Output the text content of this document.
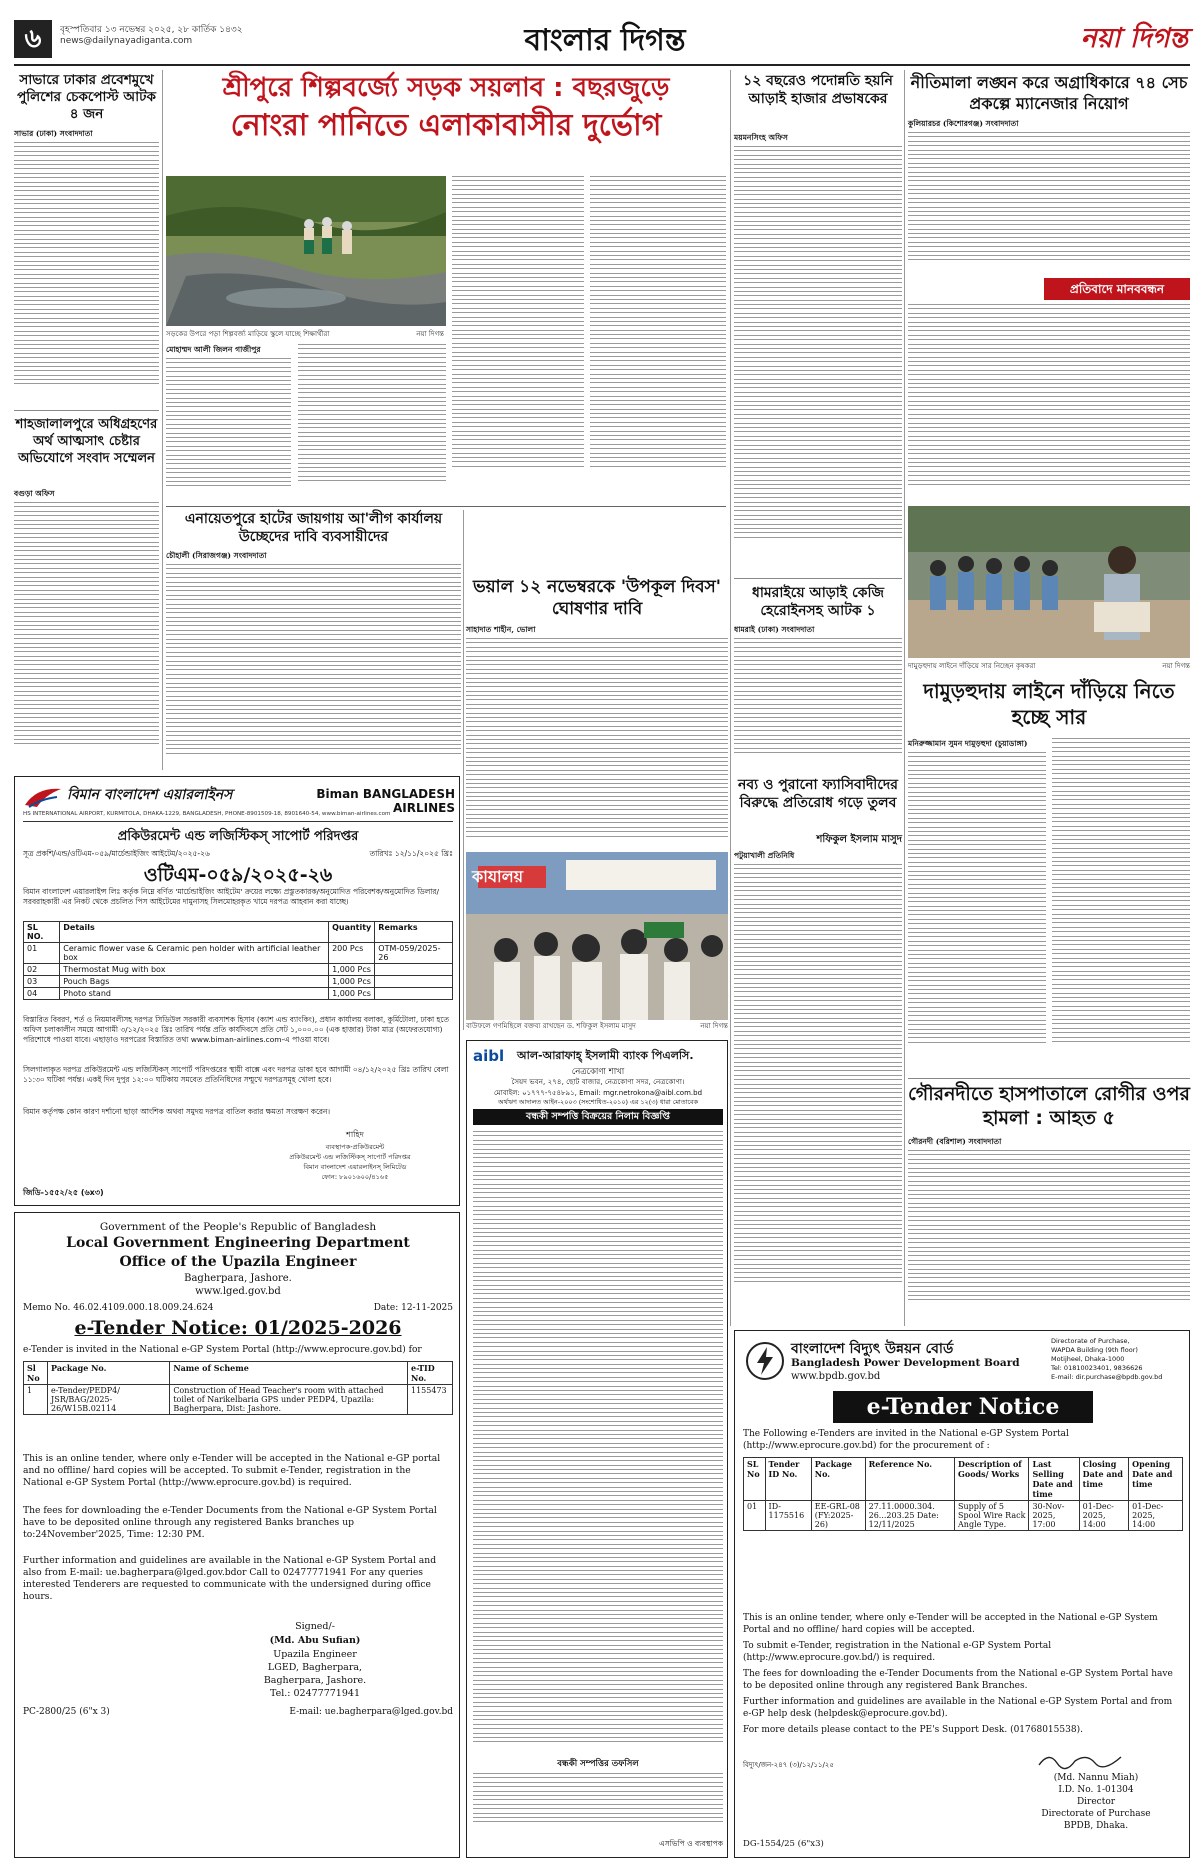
৬	বৃহস্পতিবার ১৩ নভেম্বর ২০২৫, ২৮ কার্তিক ১৪৩২
news@dailynayadiganta.com	বাংলার দিগন্ত	নয়া দিগন্ত
সাভারে ঢাকার প্রবেশমুখে পুলিশের চেকপোস্ট আটক ৪ জন
সাভার (ঢাকা) সংবাদদাতা
শাহজালালপুরে অধিগ্রহণের অর্থ আত্মসাৎ চেষ্টার অভিযোগে সংবাদ সম্মেলন
বগুড়া অফিস
শ্রীপুরে শিল্পবর্জ্যে সড়ক সয়লাব : বছরজুড়ে
নোংরা পানিতে এলাকাবাসীর দুর্ভোগ
সড়কের উপরে পড়া শিল্পবর্জ্য মাড়িয়ে স্কুলে যাচ্ছে শিক্ষার্থীরা	নয়া দিগন্ত
মোহাম্মদ আলী জিলন গাজীপুর
এনায়েতপুরে হাটের জায়গায় আ'লীগ কার্যালয় উচ্ছেদের দাবি ব্যবসায়ীদের
চৌহালী (সিরাজগঞ্জ) সংবাদদাতা
ভয়াল ১২ নভেম্বরকে 'উপকূল দিবস' ঘোষণার দাবি
সাহাদাত শাহীন, ভোলা
১২ বছরেও পদোন্নতি হয়নি আড়াই হাজার প্রভাষকের
ময়মনসিংহ অফিস
ধামরাইয়ে আড়াই কেজি হেরোইনসহ আটক ১
ধামরাই (ঢাকা) সংবাদদাতা
নব্য ও পুরানো ফ্যাসিবাদীদের বিরুদ্ধে প্রতিরোধ গড়ে তুলব
শফিকুল ইসলাম মাসুদ
পটুয়াখালী প্রতিনিধি
কাযালয়
বাউফলে গণমিছিলে বক্তব্য রাখছেন ড. শফিকুল ইসলাম মাসুদ	নয়া দিগন্ত
নীতিমালা লঙ্ঘন করে অগ্রাধিকারে ৭৪ সেচ প্রকল্পে ম্যানেজার নিয়োগ
কুলিয়ারচর (কিশোরগঞ্জ) সংবাদদাতা
প্রতিবাদে মানববন্ধন
দামুড়হুদায় লাইনে দাঁড়িয়ে সার নিচ্ছেন কৃষকরা	নয়া দিগন্ত
দামুড়হুদায় লাইনে দাঁড়িয়ে নিতে হচ্ছে সার
মনিরুজ্জামান সুমন দামুড়হুদা (চুয়াডাঙ্গা)
গৌরনদীতে হাসপাতালে রোগীর ওপর হামলা : আহত ৫
গৌরনদী (বরিশাল) সংবাদদাতা
বিমান বাংলাদেশ এয়ারলাইনস	Biman BANGLADESH AIRLINES
HS INTERNATIONAL AIRPORT, KURMITOLA, DHAKA-1229, BANGLADESH, PHONE-8901509-18, 8901640-54, www.biman-airlines.com
প্রকিউরমেন্ট এন্ড লজিস্টিকস্ সাপোর্ট পরিদপ্তর
সূত্র প্রকশি/এন্ড/ওটিএম-০৫৯/মার্চেন্ডাইজিং আইটেম/২০২৫-২৬	তারিখঃ ১২/১১/২০২৫ খ্রিঃ
ওটিএম-০৫৯/২০২৫-২৬
বিমান বাংলাদেশ এয়ারলাইন্স লিঃ কর্তৃক নিম্নে বর্ণিত 'মার্চেন্ডাইজিং আইটেম' ক্রয়ের লক্ষ্যে প্রস্তুতকারক/অনুমোদিত পরিবেশক/অনুমোদিত ডিলার/সরবরাহকারী এর নিকট থেকে প্রচলিত পিস আইটেমের দামুনাসহ সিলমোহরকৃত খামে দরপত্র আহবান করা যাচ্ছে।
SL NO.	Details	Quantity	Remarks
01	Ceramic flower vase & Ceramic pen holder with artificial leather box	200 Pcs	OTM-059/2025-26
02	Thermostat Mug with box	1,000 Pcs	
03	Pouch Bags	1,000 Pcs	
04	Photo stand	1,000 Pcs	
বিস্তারিত বিবরণ, শর্ত ও নিয়মাবলীসহ দরপত্র সিডিউল সরকারী ব্যবসাশক হিসাব (ক্যাশ এন্ড ব্যাংকিং), প্রধান কার্যালয় বলাকা, কুর্মিটোলা, ঢাকা হতে অফিস চলাকালীন সময়ে আগামী ৩/১২/২০২৫ খ্রিঃ তারিখ পর্যন্ত প্রতি কার্যদিবসে প্রতি সেট ১,০০০.০০ (এক হাজার) টাকা মাত্র (অফেরতযোগ্য) পরিশোধে পাওয়া যাবে। এছাড়াও দরপত্রের বিস্তারিত তথ্য www.biman-airlines.com-এ পাওয়া যাবে।
সিলগালাকৃত দরপত্র প্রকিউরমেন্ট এন্ড লজিস্টিকস্ সাপোর্ট পরিদপ্তরের স্থায়ী বাক্সে এবং দরপত্র ডাকা হবে আগামী ০৪/১২/২০২৫ খ্রিঃ তারিখ বেলা ১১:৩০ ঘটিকা পর্যন্ত। একই দিন দুপুর ১২:০০ ঘটিকায় সমবেত প্রতিনিধিদের সম্মুখে দরপত্রসমূহ খোলা হবে।
বিমান কর্তৃপক্ষ কোন কারণ দর্শানো ছাড়া আংশিক অথবা সমুদয় দরপত্র বাতিল করার ক্ষমতা সংরক্ষণ করেন।
শাহিদ
ব্যবস্থাপক-প্রকিউরমেন্ট
প্রকিউরমেন্ট এন্ড লজিস্টিকস্ সাপোর্ট পরিদপ্তর
বিমান বাংলাদেশ এয়ারলাইনস্ লিমিটেড
ফোন: ৮৯০১৬০০/৪১৬৫
জিডি-১৫৫২/২৫ (৬x৩)
Government of the People's Republic of Bangladesh
Local Government Engineering Department
Office of the Upazila Engineer
Bagherpara, Jashore.
www.lged.gov.bd
Memo No. 46.02.4109.000.18.009.24.624	Date: 12-11-2025
e-Tender Notice: 01/2025-2026
e-Tender is invited in the National e-GP System Portal (http://www.eprocure.gov.bd) for
Sl No	Package No.	Name of Scheme	e-TID No.
1	e-Tender/PEDP4/ JSR/BAG/2025-26/W15B.02114	Construction of Head Teacher's room with attached toilet of Narikelbaria GPS under PEDP4, Upazila: Bagherpara, Dist: Jashore.	1155473
This is an online tender, where only e-Tender will be accepted in the National e-GP portal and no offline/ hard copies will be accepted. To submit e-Tender, registration in the National e-GP System Portal (http://www.eprocure.gov.bd) is required.
The fees for downloading the e-Tender Documents from the National e-GP System Portal have to be deposited online through any registered Banks branches up to:24November'2025, Time: 12:30 PM.
Further information and guidelines are available in the National e-GP System Portal and also from E-mail: ue.bagherpara@lged.gov.bdor Call to 02477771941 For any queries interested Tenderers are requested to communicate with the undersigned during office hours.
Signed/-
(Md. Abu Sufian)
Upazila Engineer
LGED, Bagherpara,
Bagherpara, Jashore.
Tel.: 02477771941
PC-2800/25 (6"x 3)	E-mail: ue.bagherpara@lged.gov.bd
aibl	আল-আরাফাহ্ ইসলামী ব্যাংক পিএলসি.
নেত্রকোণা শাখা
সৈয়দ ভবন, ২৭৪, ছোট বাজার, নেত্রকোণা সদর, নেত্রকোণা।
মোবাইল: ০১৭৭৭-৭৫৪৮৯১, Email: mgr.netrokona@aibl.com.bd
অর্থঋণ আদালত আইন-২০০৩ (সংশোধিত-২০১০) এর ১২(৩) ধারা মোতাবেক
বন্ধকী সম্পত্তি বিক্রয়ের নিলাম বিজ্ঞপ্তি
বন্ধকী সম্পত্তির তফসিল
এসভিপি ও ব্যবস্থাপক
বাংলাদেশ বিদ্যুৎ উন্নয়ন বোর্ড
Bangladesh Power Development Board
www.bpdb.gov.bd
Directorate of Purchase,
WAPDA Building (9th floor)
Motijheel, Dhaka-1000
Tel: 01810023401, 9836626
E-mail: dir.purchase@bpdb.gov.bd
e-Tender Notice
The Following e-Tenders are invited in the National e-GP System Portal (http://www.eprocure.gov.bd) for the procurement of :
SL No	Tender ID No.	Package No.	Reference No.	Description of Goods/ Works	Last Selling Date and time	Closing Date and time	Opening Date and time
01	ID-1175516	EE-GRL-08 (FY:2025-26)	27.11.0000.304. 26...203.25 Date: 12/11/2025	Supply of 5 Spool Wire Rack Angle Type.	30-Nov-2025, 17:00	01-Dec-2025, 14:00	01-Dec-2025, 14:00
This is an online tender, where only e-Tender will be accepted in the National e-GP System Portal and no offline/ hard copies will be accepted.
To submit e-Tender, registration in the National e-GP System Portal (http://www.eprocure.gov.bd/) is required.
The fees for downloading the e-Tender Documents from the National e-GP System Portal have to be deposited online through any registered Bank Branches.
Further information and guidelines are available in the National e-GP System Portal and from e-GP help desk (helpdesk@eprocure.gov.bd).
For more details please contact to the PE's Support Desk. (01768015538).
বিদ্যুৎ/জন-২৪৭ (৩)/১২/১১/২৫
(Md. Nannu Miah)
I.D. No. 1-01304
Director
Directorate of Purchase
BPDB, Dhaka.
DG-1554/25 (6"x3)
